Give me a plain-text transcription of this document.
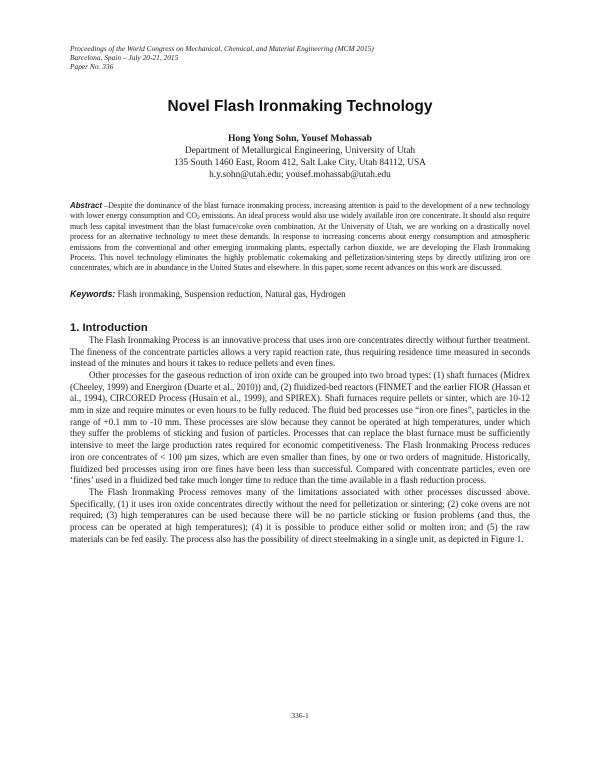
Proceedings of the World Congress on Mechanical, Chemical, and Material Engineering (MCM 2015)
Barcelona, Spain – July 20-21, 2015
Paper No. 336
Novel Flash Ironmaking Technology
Hong Yong Sohn, Yousef Mohassab
Department of Metallurgical Engineering, University of Utah
135 South 1460 East, Room 412, Salt Lake City, Utah 84112, USA
h.y.sohn@utah.edu; yousef.mohassab@utah.edu
Abstract –Despite the dominance of the blast furnace ironmaking process, increasing attention is paid to the development of a new technology with lower energy consumption and $CO_2$ emissions. An ideal process would also use widely available iron ore concentrate. It should also require much less capital investment than the blast furnace/coke oven combination. At the University of Utah, we are working on a drastically novel process for an alternative technology to meet these demands. In response to increasing concerns about energy consumption and atmospheric emissions from the conventional and other emerging ironmaking plants, especially carbon dioxide, we are developing the Flash Ironmaking Process. This novel technology eliminates the highly problematic cokemaking and pelletization/sintering steps by directly utilizing iron ore concentrates, which are in abundance in the United States and elsewhere. In this paper, some recent advances on this work are discussed.
Keywords: Flash ironmaking, Suspension reduction, Natural gas, Hydrogen
1. Introduction

The Flash Ironmaking Process is an innovative process that uses iron ore concentrates directly without further treatment. The fineness of the concentrate particles allows a very rapid reaction rate, thus requiring residence time measured in seconds instead of the minutes and hours it takes to reduce pellets and even fines.

Other processes for the gaseous reduction of iron oxide can be grouped into two broad types: (1) shaft furnaces (Midrex (Cheeley, 1999) and Energiron (Duarte et al., 2010)) and, (2) fluidized-bed reactors (FINMET and the earlier FIOR (Hassan et al., 1994), CIRCORED Process (Husain et al., 1999), and SPIREX). Shaft furnaces require pellets or sinter, which are 10-12 mm in size and require minutes or even hours to be fully reduced. The fluid bed processes use “iron ore fines”, particles in the range of +0.1 mm to -10 mm. These processes are slow because they cannot be operated at high temperatures, under which they suffer the problems of sticking and fusion of particles. Processes that can replace the blast furnace must be sufficiently intensive to meet the large production rates required for economic competitiveness. The Flash Ironmaking Process reduces iron ore concentrates of < 100 µm sizes, which are even smaller than fines, by one or two orders of magnitude. Historically, fluidized bed processes using iron ore fines have been less than successful. Compared with concentrate particles, even ore ‘fines’ used in a fluidized bed take much longer time to reduce than the time available in a flash reduction process.

The Flash Ironmaking Process removes many of the limitations associated with other processes discussed above. Specifically, (1) it uses iron oxide concentrates directly without the need for pelletization or sintering; (2) coke ovens are not required; (3) high temperatures can be used because there will be no particle sticking or fusion problems (and thus, the process can be operated at high temperatures); (4) it is possible to produce either solid or molten iron; and (5) the raw materials can be fed easily. The process also has the possibility of direct steelmaking in a single unit, as depicted in Figure 1.

336-1
